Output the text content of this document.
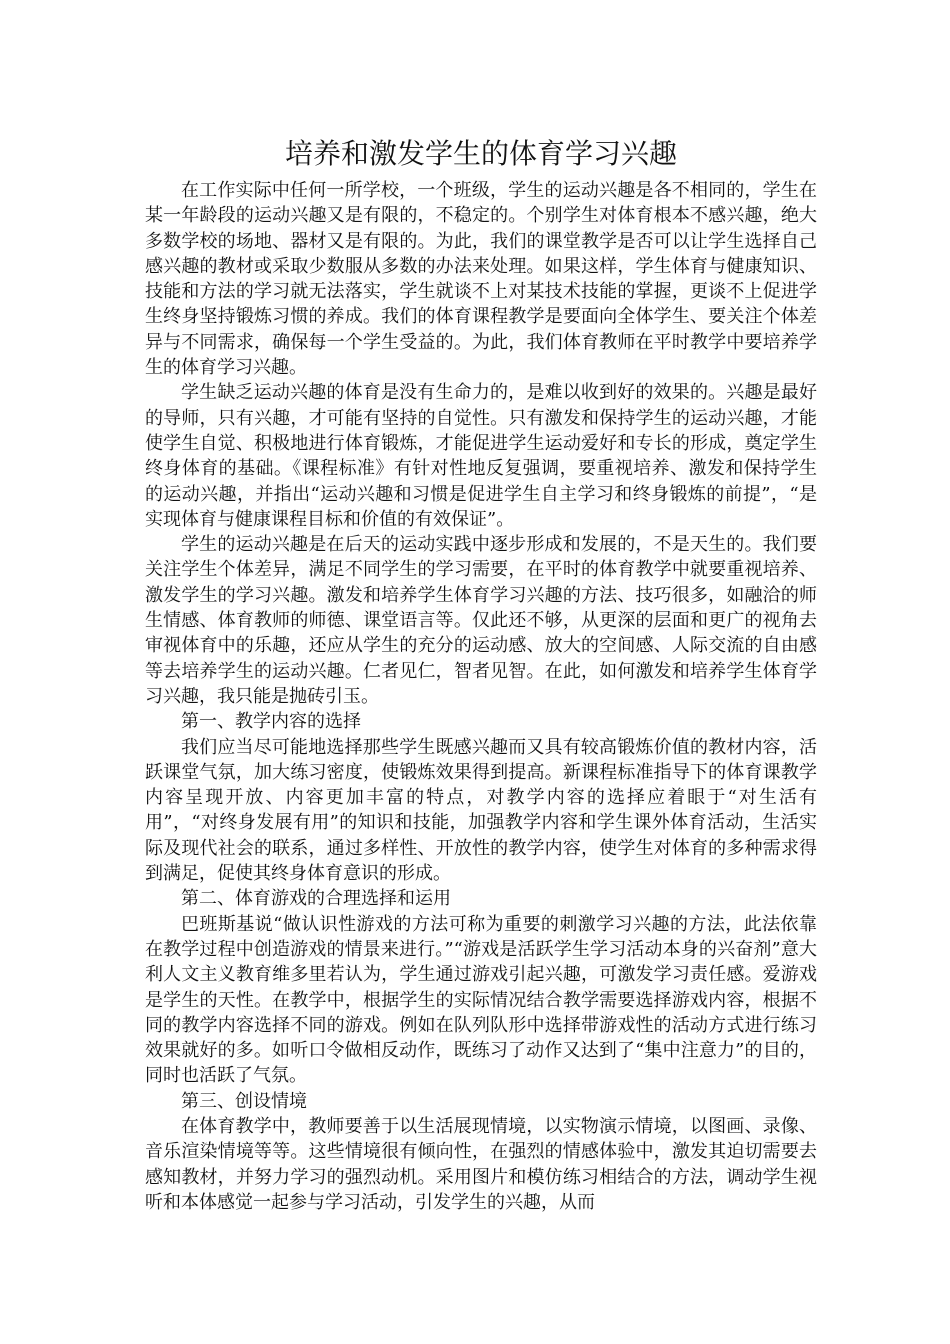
培养和激发学生的体育学习兴趣

在工作实际中任何一所学校，一个班级，学生的运动兴趣是各不相同的，学生在某一年龄段的运动兴趣又是有限的，不稳定的。个别学生对体育根本不感兴趣，绝大多数学校的场地、器材又是有限的。为此，我们的课堂教学是否可以让学生选择自己感兴趣的教材或采取少数服从多数的办法来处理。如果这样，学生体育与健康知识、技能和方法的学习就无法落实，学生就谈不上对某技术技能的掌握，更谈不上促进学生终身坚持锻炼习惯的养成。我们的体育课程教学是要面向全体学生、要关注个体差异与不同需求，确保每一个学生受益的。为此，我们体育教师在平时教学中要培养学生的体育学习兴趣。

学生缺乏运动兴趣的体育是没有生命力的，是难以收到好的效果的。兴趣是最好的导师，只有兴趣，才可能有坚持的自觉性。只有激发和保持学生的运动兴趣，才能使学生自觉、积极地进行体育锻炼，才能促进学生运动爱好和专长的形成，奠定学生终身体育的基础。《课程标准》有针对性地反复强调，要重视培养、激发和保持学生的运动兴趣，并指出“运动兴趣和习惯是促进学生自主学习和终身锻炼的前提”，“是实现体育与健康课程目标和价值的有效保证”。

学生的运动兴趣是在后天的运动实践中逐步形成和发展的，不是天生的。我们要关注学生个体差异，满足不同学生的学习需要，在平时的体育教学中就要重视培养、激发学生的学习兴趣。激发和培养学生体育学习兴趣的方法、技巧很多，如融洽的师生情感、体育教师的师德、课堂语言等。仅此还不够，从更深的层面和更广的视角去审视体育中的乐趣，还应从学生的充分的运动感、放大的空间感、人际交流的自由感等去培养学生的运动兴趣。仁者见仁，智者见智。在此，如何激发和培养学生体育学习兴趣，我只能是抛砖引玉。

第一、教学内容的选择

我们应当尽可能地选择那些学生既感兴趣而又具有较高锻炼价值的教材内容，活跃课堂气氛，加大练习密度，使锻炼效果得到提高。新课程标准指导下的体育课教学内容呈现开放、内容更加丰富的特点，对教学内容的选择应着眼于“对生活有用”，“对终身发展有用”的知识和技能，加强教学内容和学生课外体育活动，生活实际及现代社会的联系，通过多样性、开放性的教学内容，使学生对体育的多种需求得到满足，促使其终身体育意识的形成。

第二、体育游戏的合理选择和运用

巴班斯基说“做认识性游戏的方法可称为重要的刺激学习兴趣的方法，此法依靠在教学过程中创造游戏的情景来进行。”“游戏是活跃学生学习活动本身的兴奋剂”意大利人文主义教育维多里若认为，学生通过游戏引起兴趣，可激发学习责任感。爱游戏是学生的天性。在教学中，根据学生的实际情况结合教学需要选择游戏内容，根据不同的教学内容选择不同的游戏。例如在队列队形中选择带游戏性的活动方式进行练习效果就好的多。如听口令做相反动作，既练习了动作又达到了“集中注意力”的目的，同时也活跃了气氛。

第三、创设情境

在体育教学中，教师要善于以生活展现情境，以实物演示情境，以图画、录像、音乐渲染情境等等。这些情境很有倾向性，在强烈的情感体验中，激发其迫切需要去感知教材，并努力学习的强烈动机。采用图片和模仿练习相结合的方法，调动学生视听和本体感觉一起参与学习活动，引发学生的兴趣，从而
